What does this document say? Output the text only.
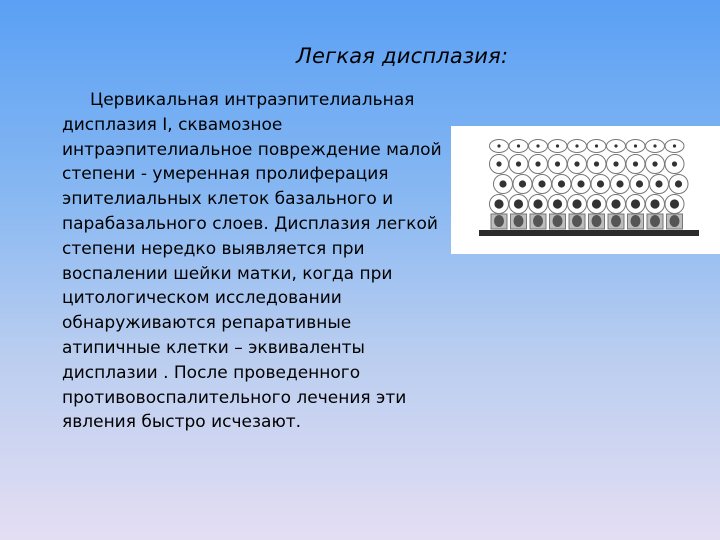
Легкая дисплазия:

Цервикальная интраэпителиальная дисплазия I, сквамозное интраэпителиальное повреждение малой степени - умеренная пролиферация эпителиальных клеток базального и парабазального слоев. Дисплазия легкой степени нередко выявляется при воспалении шейки матки, когда при цитологическом исследовании обнаруживаются репаративные атипичные клетки – эквиваленты дисплазии . После проведенного противовоспалительного лечения эти явления быстро исчезают.
